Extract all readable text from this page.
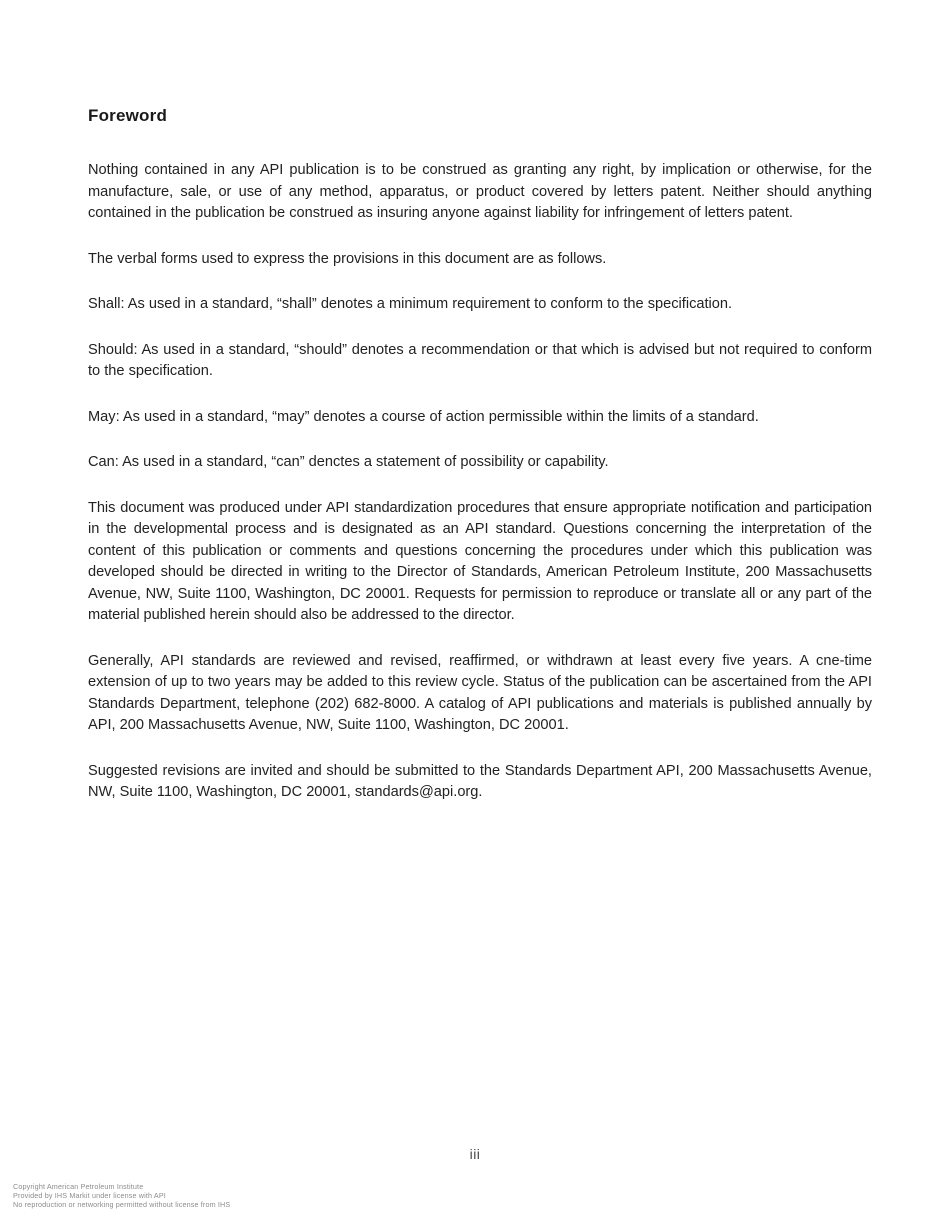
Foreword

Nothing contained in any API publication is to be construed as granting any right, by implication or otherwise, for the manufacture, sale, or use of any method, apparatus, or product covered by letters patent. Neither should anything contained in the publication be construed as insuring anyone against liability for infringement of letters patent.

The verbal forms used to express the provisions in this document are as follows.

Shall: As used in a standard, “shall” denotes a minimum requirement to conform to the specification.

Should: As used in a standard, “should” denotes a recommendation or that which is advised but not required to conform to the specification.

May: As used in a standard, “may” denotes a course of action permissible within the limits of a standard.

Can: As used in a standard, “can” denctes a statement of possibility or capability.

This document was produced under API standardization procedures that ensure appropriate notification and participation in the developmental process and is designated as an API standard. Questions concerning the interpretation of the content of this publication or comments and questions concerning the procedures under which this publication was developed should be directed in writing to the Director of Standards, American Petroleum Institute, 200 Massachusetts Avenue, NW, Suite 1100, Washington, DC 20001. Requests for permission to reproduce or translate all or any part of the material published herein should also be addressed to the director.

Generally, API standards are reviewed and revised, reaffirmed, or withdrawn at least every five years. A cne-time extension of up to two years may be added to this review cycle. Status of the publication can be ascertained from the API Standards Department, telephone (202) 682-8000. A catalog of API publications and materials is published annually by API, 200 Massachusetts Avenue, NW, Suite 1100, Washington, DC 20001.

Suggested revisions are invited and should be submitted to the Standards Department API, 200 Massachusetts Avenue, NW, Suite 1100, Washington, DC 20001, standards@api.org.

iii
Copyright American Petroleum Institute
Provided by IHS Markit under license with API
No reproduction or networking permitted without license from IHS
